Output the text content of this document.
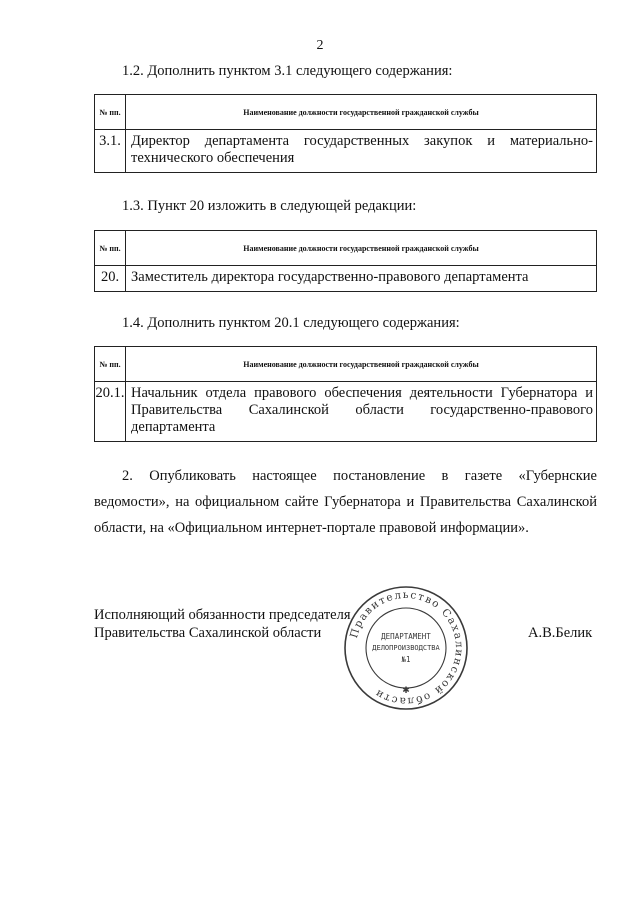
2
1.2. Дополнить пунктом 3.1 следующего содержания:
№ пп.	Наименование должности государственной гражданской службы
3.1.	Директор департамента государственных закупок и материально-технического обеспечения
1.3. Пункт 20 изложить в следующей редакции:
№ пп.	Наименование должности государственной гражданской службы
20.	Заместитель директора государственно-правового департамента
1.4. Дополнить пунктом 20.1 следующего содержания:
№ пп.	Наименование должности государственной гражданской службы
20.1.	Начальник отдела правового обеспечения деятельности Губернатора и Правительства Сахалинской области государственно-правового департамента
2. Опубликовать настоящее постановление в газете «Губернские ведомости», на официальном сайте Губернатора и Правительства Сахалинской области, на «Официальном интернет-портале правовой информации».
Исполняющий обязанности председателя
Правительства Сахалинской области	Правительство Сахалинской области	✱
ДЕПАРТАМЕНТ
ДЕЛОПРОИЗВОДСТВА
№1
А.В.Белик
